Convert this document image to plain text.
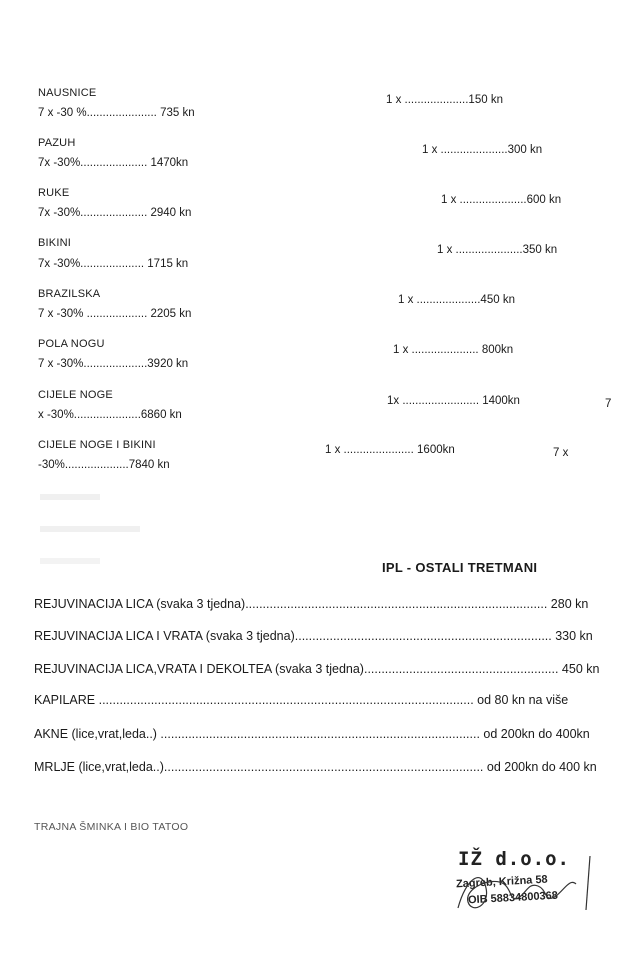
NAUSNICE
7 x -30 %...................... 735 kn
1 x ....................150 kn
PAZUH
7x -30%..................... 1470kn
1 x .....................300 kn
RUKE
7x -30%..................... 2940 kn
1 x .....................600 kn
BIKINI
7x -30%.................... 1715 kn
1 x .....................350 kn
BRAZILSKA
7 x -30% ................... 2205 kn
1 x ....................450 kn
POLA NOGU
7 x -30%....................3920 kn
1 x ..................... 800kn
CIJELE NOGE
x -30%.....................6860 kn
1x ........................ 1400kn	7
CIJELE NOGE I BIKINI
-30%....................7840 kn
1 x ...................... 1600kn	7 x
IPL - OSTALI TRETMANI
REJUVINACIJA LICA (svaka 3 tjedna)....................................................................................... 280 kn
REJUVINACIJA LICA I VRATA (svaka 3 tjedna).......................................................................... 330 kn
REJUVINACIJA LICA,VRATA I DEKOLTEA (svaka 3 tjedna)........................................................ 450 kn
KAPILARE ............................................................................................................ od 80 kn na više
AKNE (lice,vrat,leda..) ............................................................................................ od 200kn do 400kn
MRLJE (lice,vrat,leda..)............................................................................................ od 200kn do 400 kn
TRAJNA ŠMINKA I BIO TATOO
IŽ d.o.o.
Zagreb, Križna 58
OIB 58834800368
